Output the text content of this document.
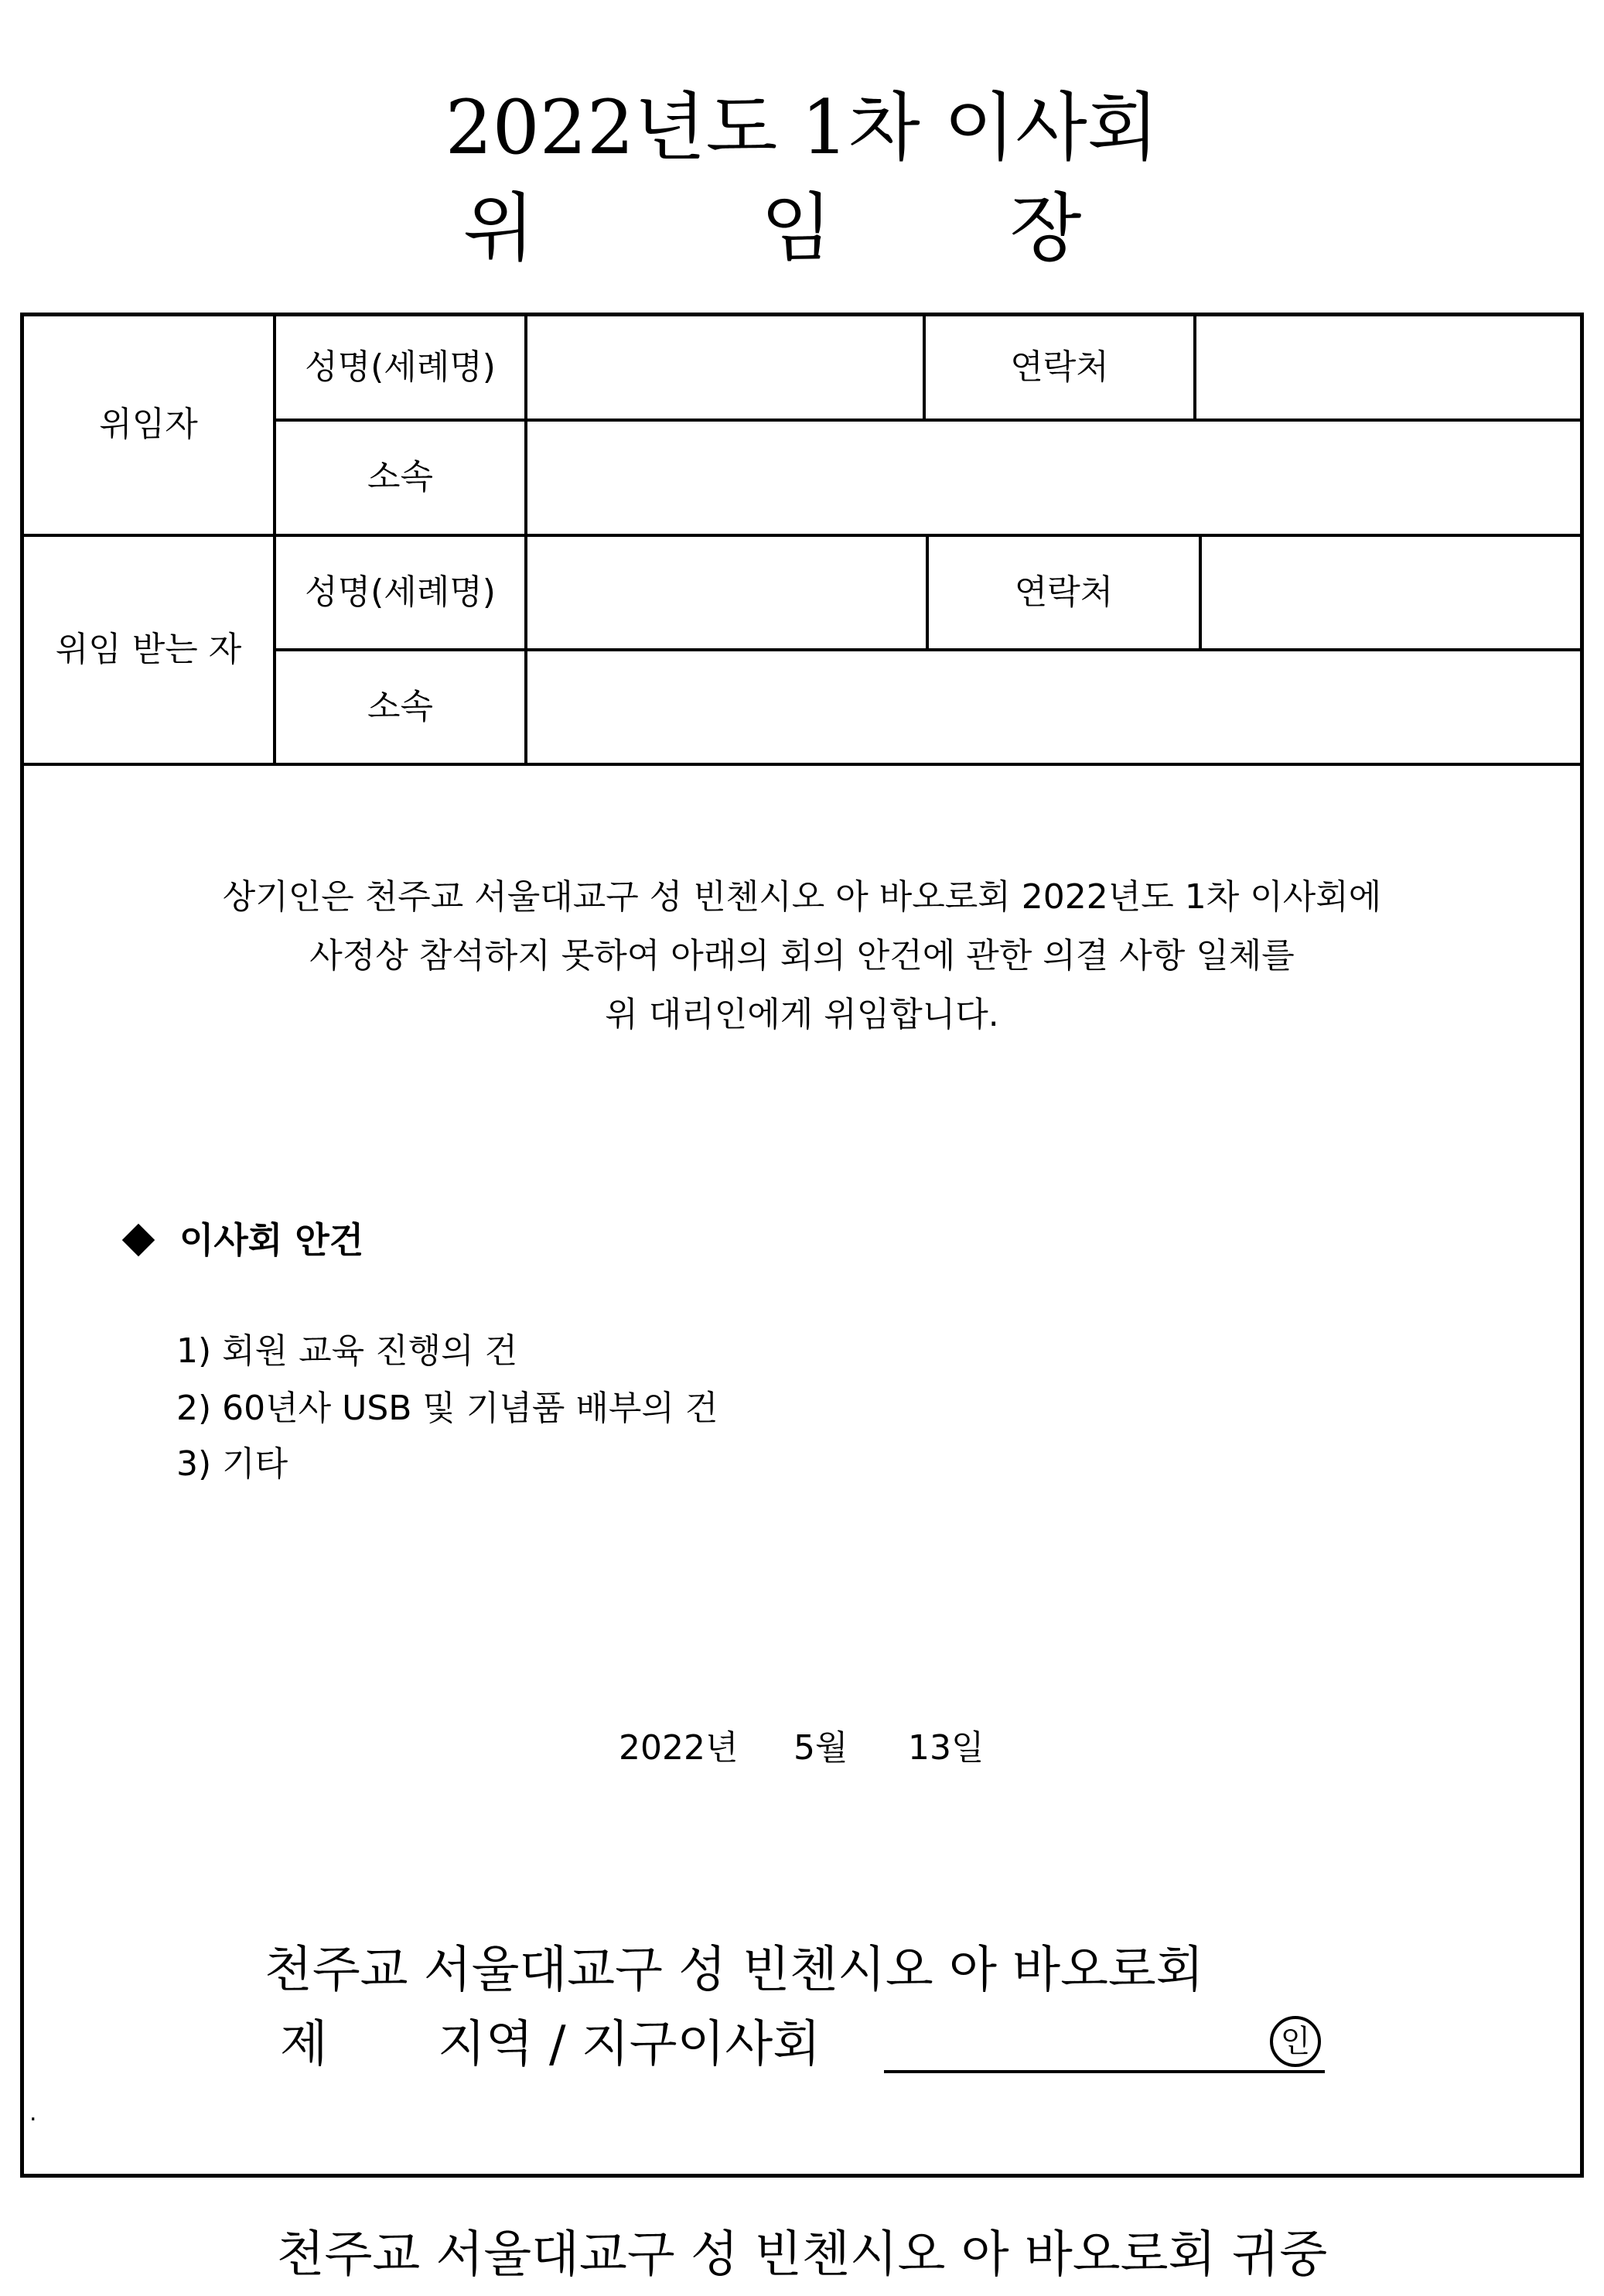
2022년도 1차 이사회
위	임 장
위임자
성명(세례명)	연락처
소속
위임 받는 자
성명(세례명)	연락처
소속
상기인은 천주교 서울대교구 성 빈첸시오 아 바오로회 2022년도 1차 이사회에
사정상 참석하지 못하여 아래의 회의 안건에 관한 의결 사항 일체를
위 대리인에게 위임합니다.
이사회 안건
1) 회원 교육 진행의 건
2) 60년사 USB 및 기념품 배부의 건
3) 기타
2022년 5월 13일
천주교 서울대교구 성 빈첸시오 아 바오로회
제 지역 / 지구이사회	인
.
천주교 서울대교구 성 빈첸시오 아 바오로회 귀중
